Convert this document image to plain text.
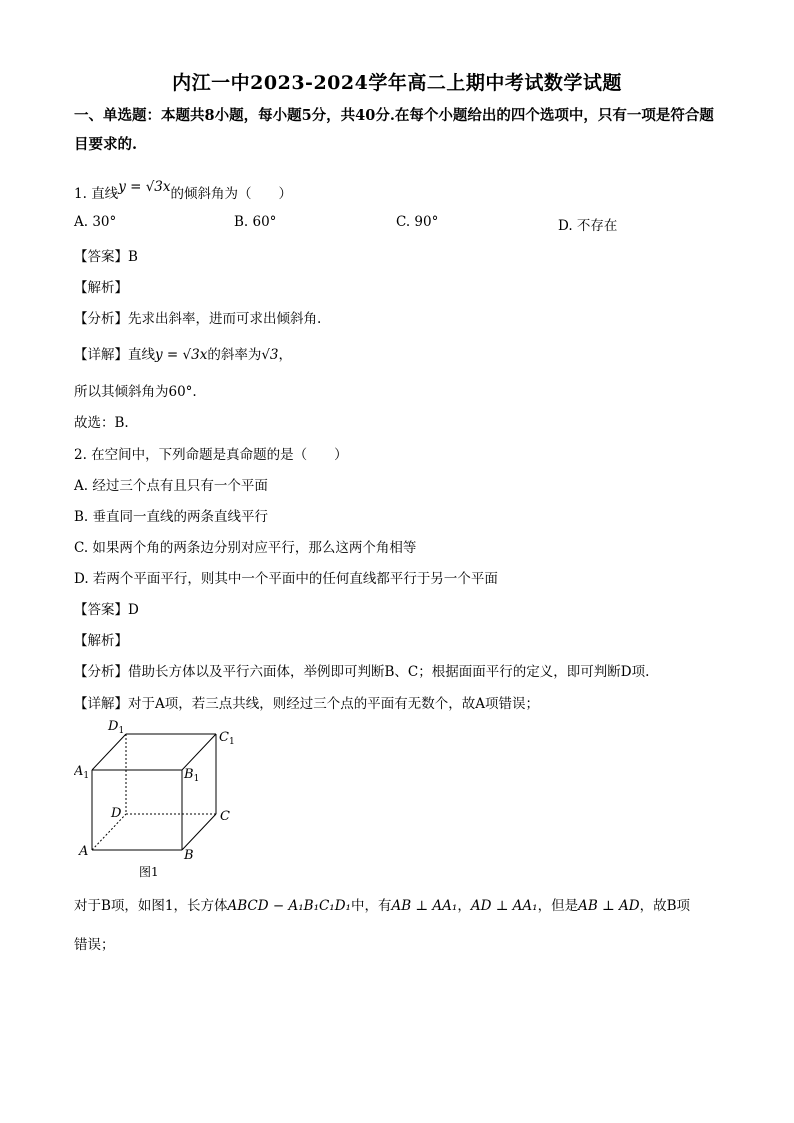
内江一中2023-2024学年高二上期中考试数学试题
一、单选题：本题共8小题，每小题5分，共40分.在每个小题给出的四个选项中，只有一项是符合题目要求的.
1. 直线y = √3x的倾斜角为（　　）
A. 30°	B. 60°	C. 90°	D. 不存在
【答案】B
【解析】
【分析】先求出斜率，进而可求出倾斜角.
【详解】直线y = √3x的斜率为√3，
所以其倾斜角为60°.
故选：B.
2. 在空间中，下列命题是真命题的是（　　）
A. 经过三个点有且只有一个平面
B. 垂直同一直线的两条直线平行
C. 如果两个角的两条边分别对应平行，那么这两个角相等
D. 若两个平面平行，则其中一个平面中的任何直线都平行于另一个平面
【答案】D
【解析】
【分析】借助长方体以及平行六面体，举例即可判断B、C；根据面面平行的定义，即可判断D项.
【详解】对于A项，若三点共线，则经过三个点的平面有无数个，故A项错误；
$D_1$	$C_1$
$A_1$	$B_1$
D	C
A	B
图1
对于B项，如图1，长方体ABCD − A₁B₁C₁D₁中，有AB ⊥ AA₁，AD ⊥ AA₁，但是AB ⊥ AD，故B项
错误；
